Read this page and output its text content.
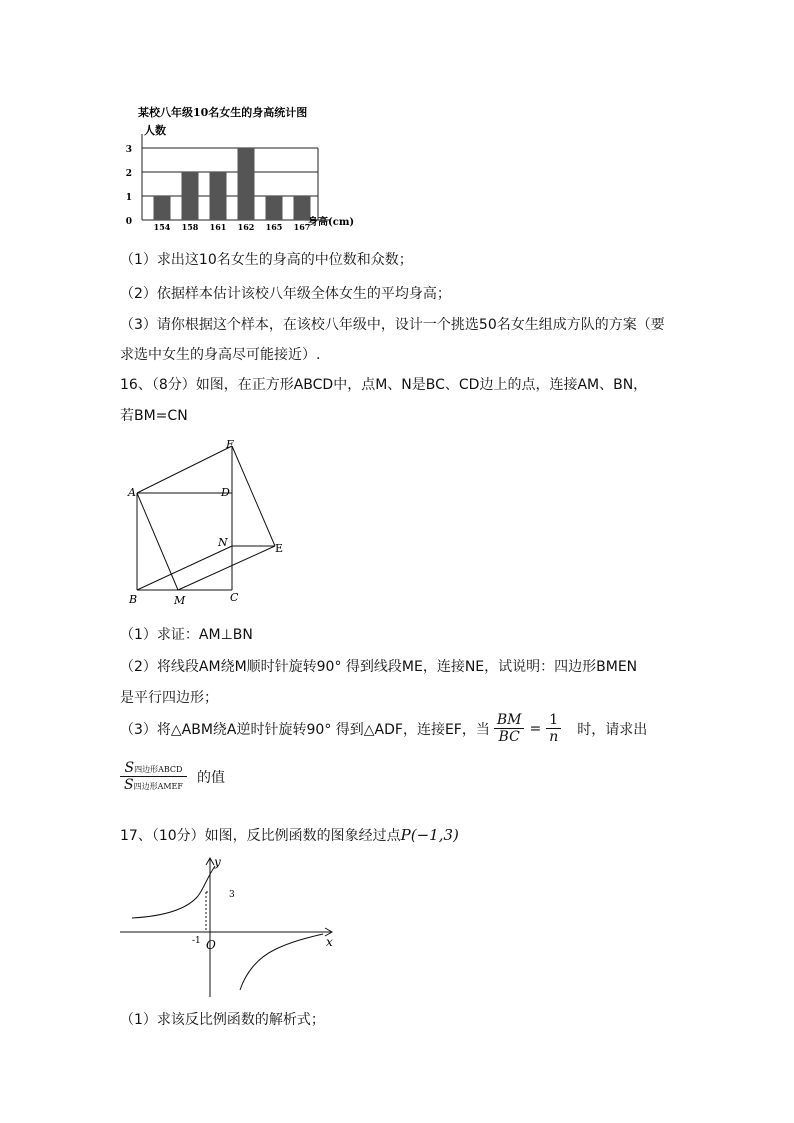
某校八年级10名女生的身高统计图
人数
154 158 161 162 165 167
0
1
2
3
身高(cm)
（1）求出这10名女生的身高的中位数和众数；
（2）依据样本估计该校八年级全体女生的平均身高；
（3）请你根据这个样本，在该校八年级中，设计一个挑选50名女生组成方队的方案（要
求选中女生的身高尽可能接近）.
16、（8分）如图，在正方形ABCD中，点M、N是BC、CD边上的点，连接AM、BN，
若BM=CN
A	D
F
N	E
B	M	C
（1）求证：AM⊥BN
（2）将线段AM绕M顺时针旋转90° 得到线段ME，连接NE，试说明：四边形BMEN
是平行四边形；
（3）将△ABM绕A逆时针旋转90° 得到△ADF，连接EF，当 $\frac{BM}{BC} = \frac{1}{n}$ 时，请求出
$\frac{\text{S四边形ABCD}}{\text{S四边形AMEF}}$ 的值
17、（10分）如图，反比例函数的图象经过点P(−1,3)
y
x
O
-1
3
（1）求该反比例函数的解析式；
